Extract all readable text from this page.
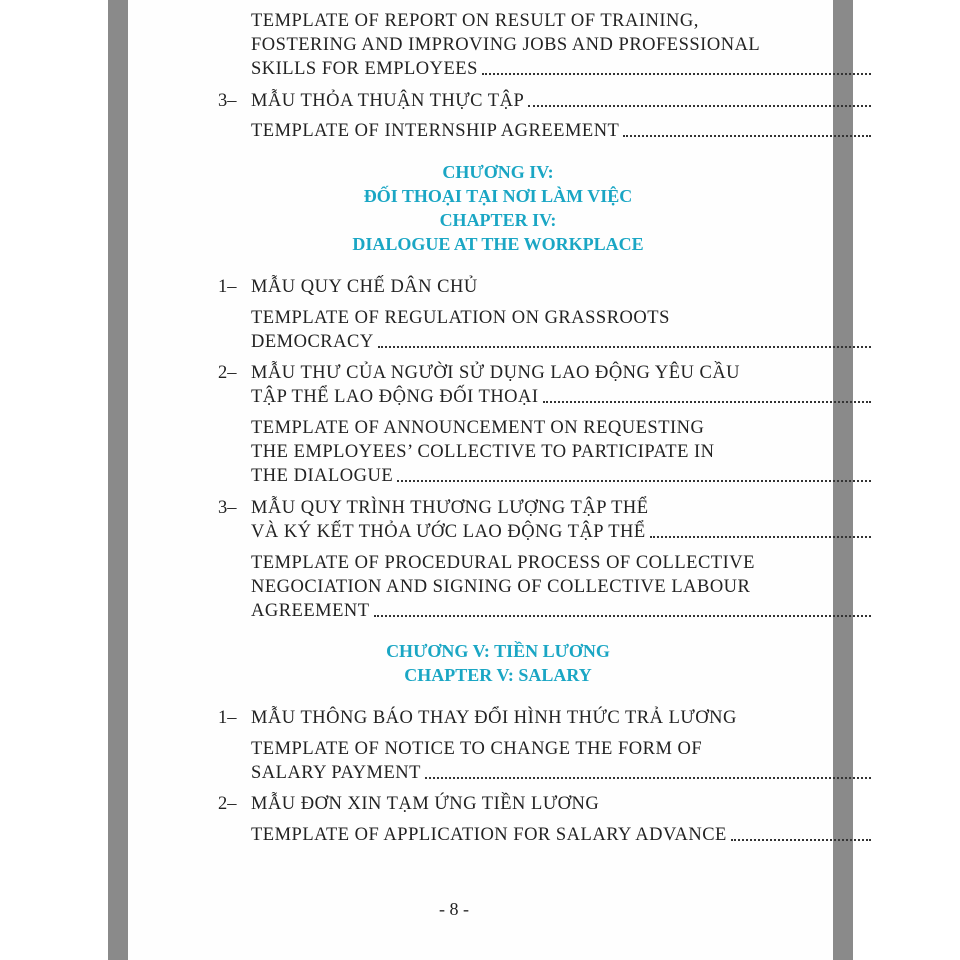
TEMPLATE OF REPORT ON RESULT OF TRAINING,
FOSTERING AND IMPROVING JOBS AND PROFESSIONAL
SKILLS FOR EMPLOYEES
3– MẪU THỎA THUẬN THỰC TẬP
TEMPLATE OF INTERNSHIP AGREEMENT
CHƯƠNG IV:
ĐỐI THOẠI TẠI NƠI LÀM VIỆC
CHAPTER IV:
DIALOGUE AT THE WORKPLACE
1– MẪU QUY CHẾ DÂN CHỦ
TEMPLATE OF REGULATION ON GRASSROOTS
DEMOCRACY
2– MẪU THƯ CỦA NGƯỜI SỬ DỤNG LAO ĐỘNG YÊU CẦU
TẬP THỂ LAO ĐỘNG ĐỐI THOẠI
TEMPLATE OF ANNOUNCEMENT ON REQUESTING
THE EMPLOYEES’ COLLECTIVE TO PARTICIPATE IN
THE DIALOGUE
3– MẪU QUY TRÌNH THƯƠNG LƯỢNG TẬP THỂ
VÀ KÝ KẾT THỎA ƯỚC LAO ĐỘNG TẬP THỂ
TEMPLATE OF PROCEDURAL PROCESS OF COLLECTIVE
NEGOCIATION AND SIGNING OF COLLECTIVE LABOUR
AGREEMENT
CHƯƠNG V: TIỀN LƯƠNG
CHAPTER V: SALARY
1– MẪU THÔNG BÁO THAY ĐỔI HÌNH THỨC TRẢ LƯƠNG
TEMPLATE OF NOTICE TO CHANGE THE FORM OF
SALARY PAYMENT
2– MẪU ĐƠN XIN TẠM ỨNG TIỀN LƯƠNG
TEMPLATE OF APPLICATION FOR SALARY ADVANCE
- 8 -
